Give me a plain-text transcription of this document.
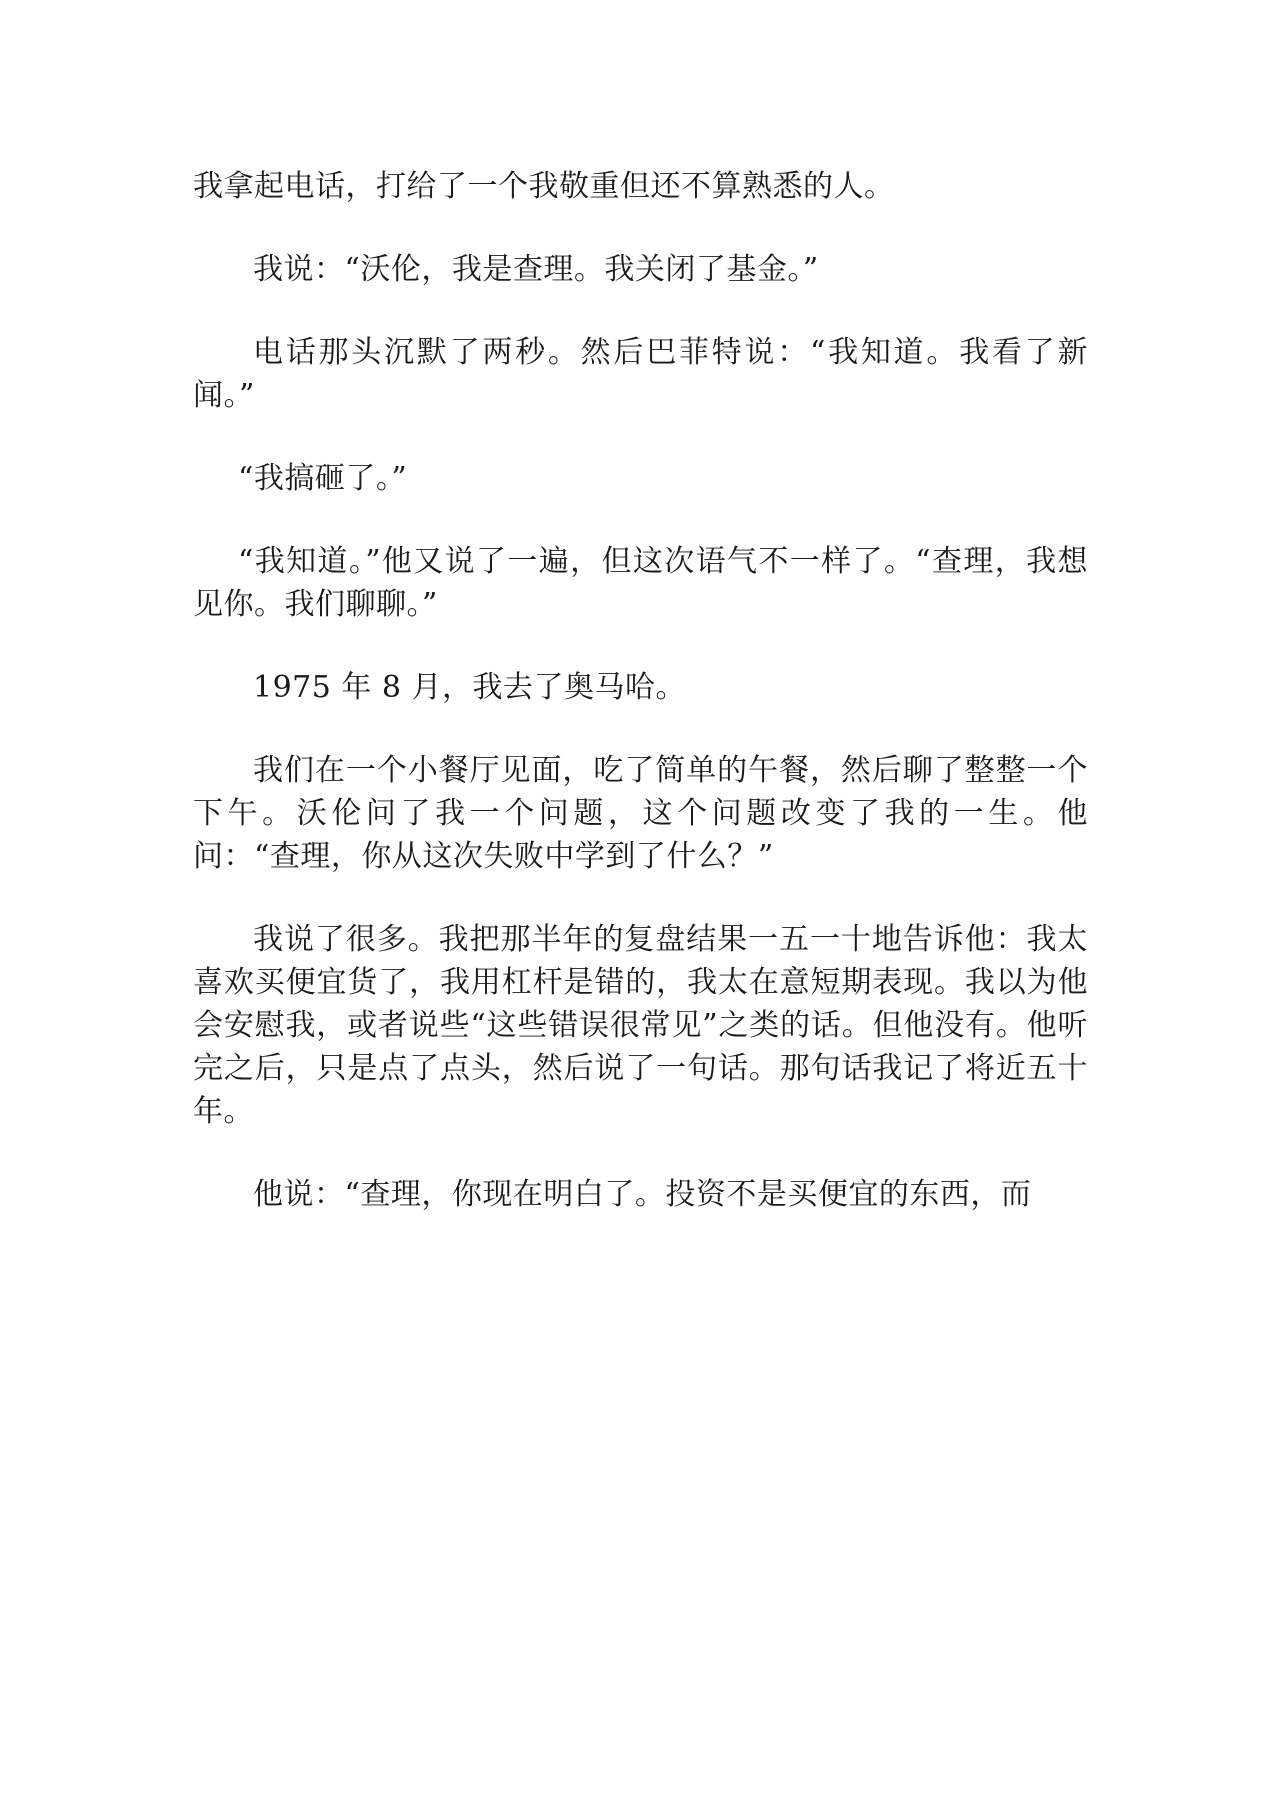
我拿起电话，打给了一个我敬重但还不算熟悉的人。

我说：“沃伦，我是查理。我关闭了基金。”

电话那头沉默了两秒。然后巴菲特说：“我知道。我看了新闻。”

“我搞砸了。”

“我知道。”他又说了一遍，但这次语气不一样了。“查理，我想见你。我们聊聊。”

1975 年 8 月，我去了奥马哈。

我们在一个小餐厅见面，吃了简单的午餐，然后聊了整整一个下午。沃伦问了我一个问题，这个问题改变了我的一生。他问：“查理，你从这次失败中学到了什么？”

我说了很多。我把那半年的复盘结果一五一十地告诉他：我太喜欢买便宜货了，我用杠杆是错的，我太在意短期表现。我以为他会安慰我，或者说些“这些错误很常见”之类的话。但他没有。他听完之后，只是点了点头，然后说了一句话。那句话我记了将近五十年。

他说：“查理，你现在明白了。投资不是买便宜的东西，而
